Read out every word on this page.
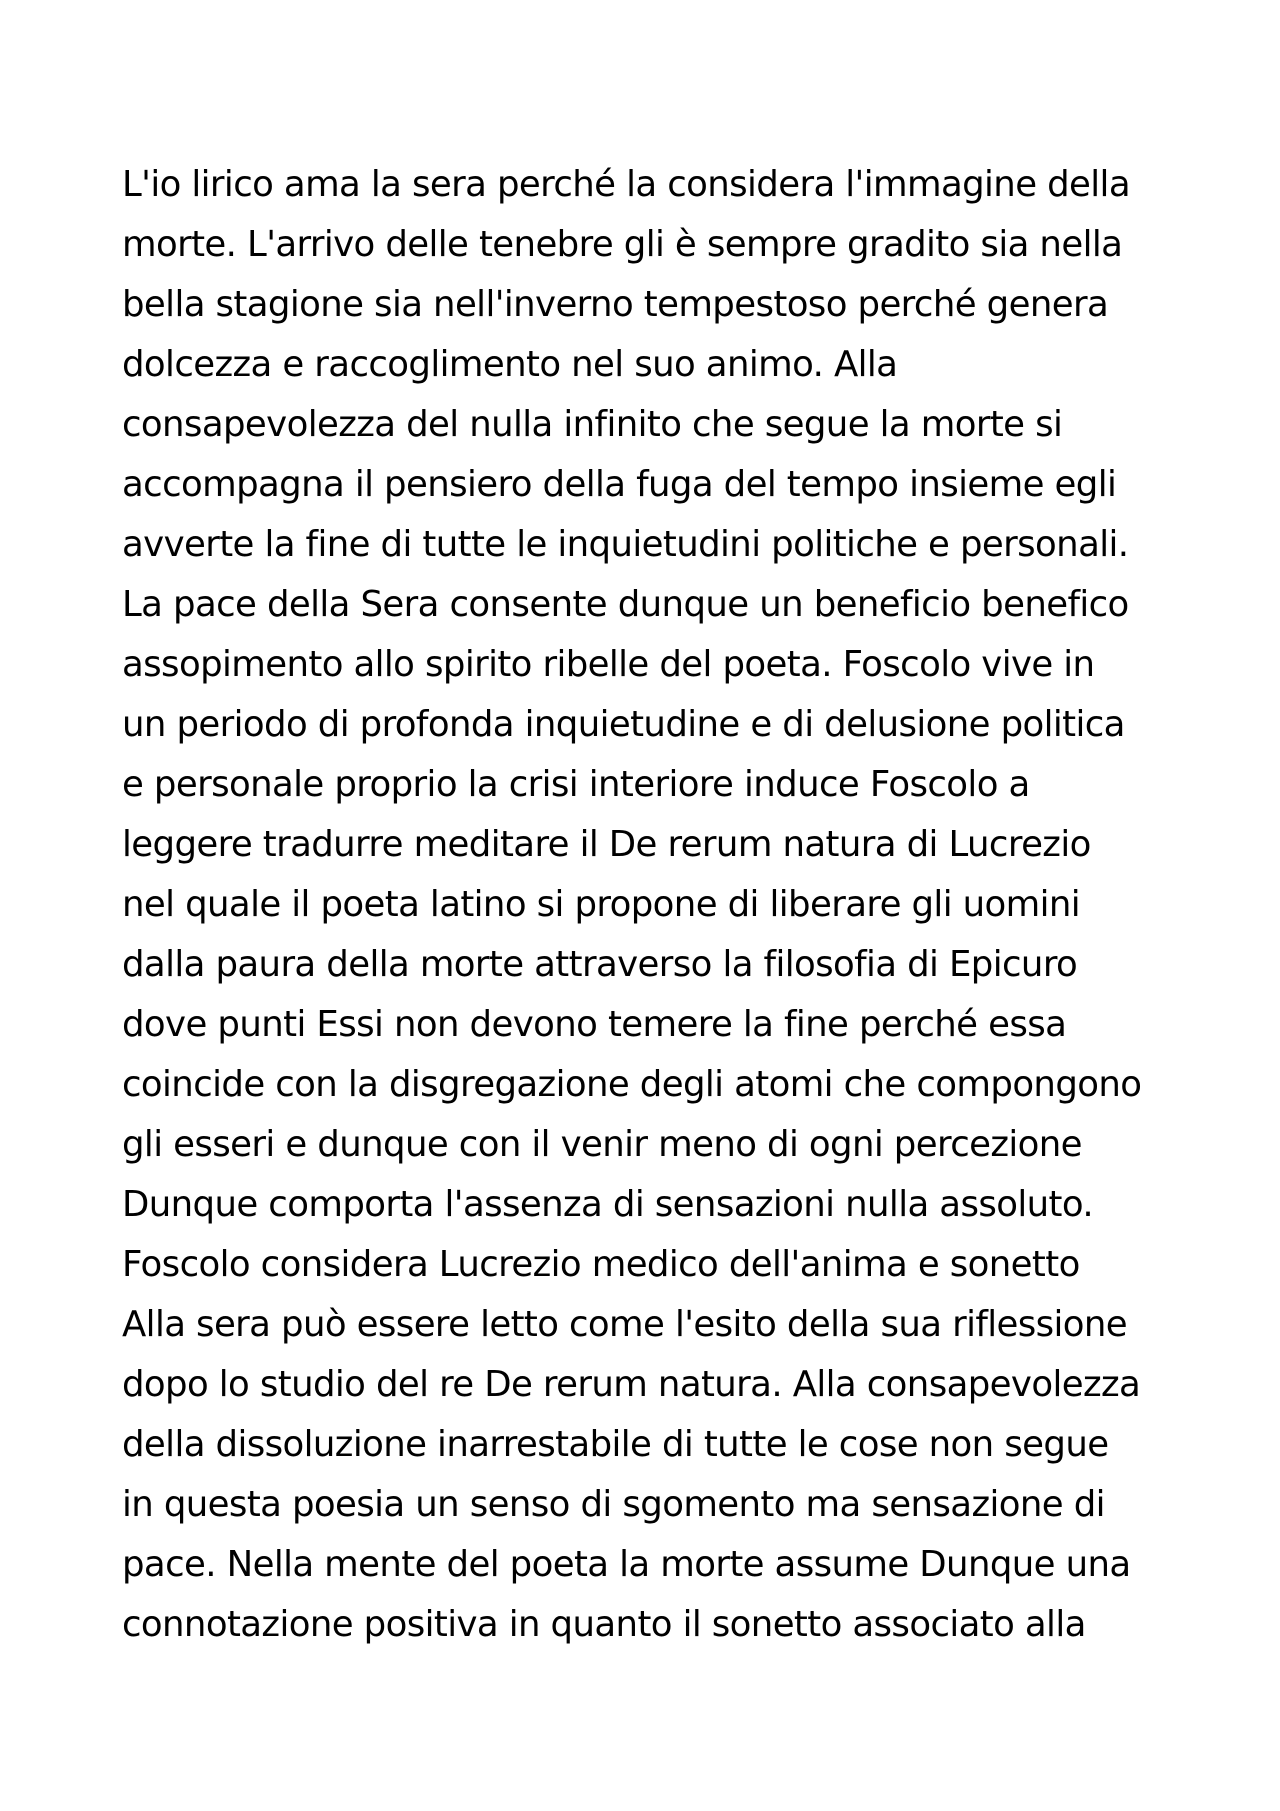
L'io lirico ama la sera perché la considera l'immagine della
morte. L'arrivo delle tenebre gli è sempre gradito sia nella
bella stagione sia nell'inverno tempestoso perché genera
dolcezza e raccoglimento nel suo animo. Alla
consapevolezza del nulla infinito che segue la morte si
accompagna il pensiero della fuga del tempo insieme egli
avverte la fine di tutte le inquietudini politiche e personali.
La pace della Sera consente dunque un beneficio benefico
assopimento allo spirito ribelle del poeta. Foscolo vive in
un periodo di profonda inquietudine e di delusione politica
e personale proprio la crisi interiore induce Foscolo a
leggere tradurre meditare il De rerum natura di Lucrezio
nel quale il poeta latino si propone di liberare gli uomini
dalla paura della morte attraverso la filosofia di Epicuro
dove punti Essi non devono temere la fine perché essa
coincide con la disgregazione degli atomi che compongono
gli esseri e dunque con il venir meno di ogni percezione
Dunque comporta l'assenza di sensazioni nulla assoluto.
Foscolo considera Lucrezio medico dell'anima e sonetto
Alla sera può essere letto come l'esito della sua riflessione
dopo lo studio del re De rerum natura. Alla consapevolezza
della dissoluzione inarrestabile di tutte le cose non segue
in questa poesia un senso di sgomento ma sensazione di
pace. Nella mente del poeta la morte assume Dunque una
connotazione positiva in quanto il sonetto associato alla
